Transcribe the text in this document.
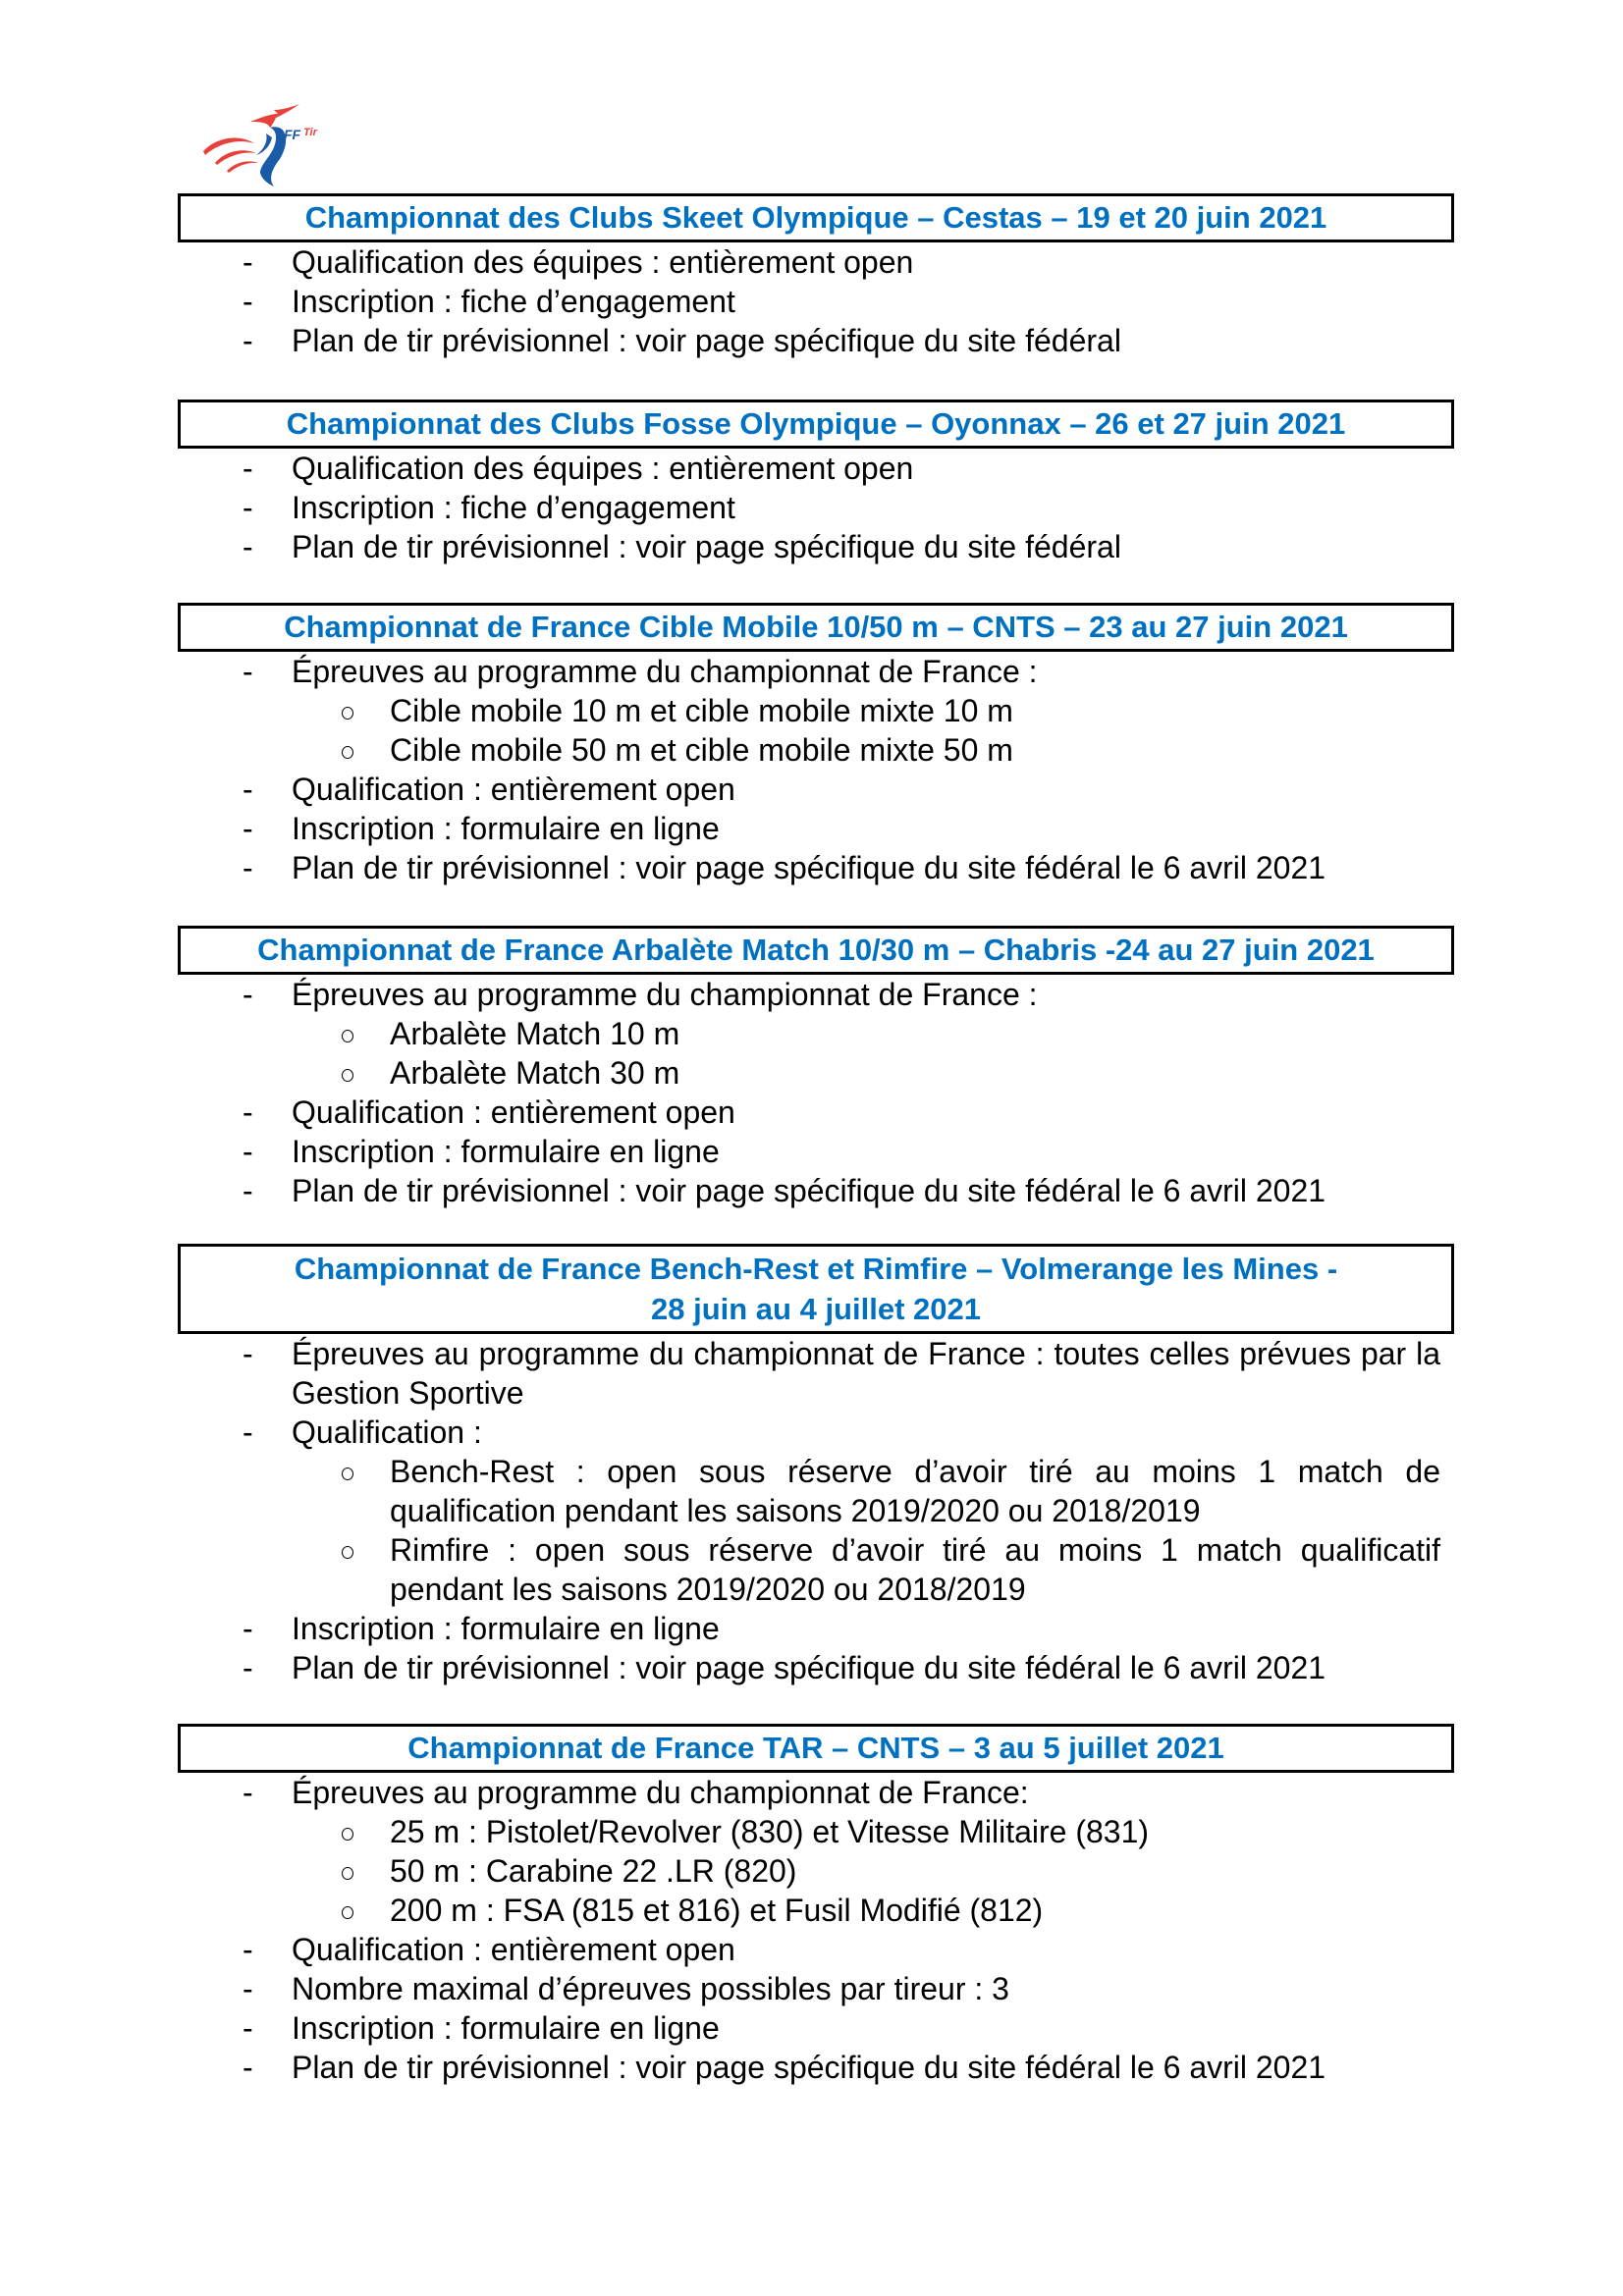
FF Tir
Championnat des Clubs Skeet Olympique – Cestas – 19 et 20 juin 2021
- Qualification des équipes : entièrement open
- Inscription : fiche d’engagement
- Plan de tir prévisionnel : voir page spécifique du site fédéral
Championnat des Clubs Fosse Olympique – Oyonnax – 26 et 27 juin 2021
- Qualification des équipes : entièrement open
- Inscription : fiche d’engagement
- Plan de tir prévisionnel : voir page spécifique du site fédéral
Championnat de France Cible Mobile 10/50 m – CNTS – 23 au 27 juin 2021
- Épreuves au programme du championnat de France :
Cible mobile 10 m et cible mobile mixte 10 m
Cible mobile 50 m et cible mobile mixte 50 m
- Qualification : entièrement open
- Inscription : formulaire en ligne
- Plan de tir prévisionnel : voir page spécifique du site fédéral le 6 avril 2021
Championnat de France Arbalète Match 10/30 m – Chabris -24 au 27 juin 2021
- Épreuves au programme du championnat de France :
Arbalète Match 10 m
Arbalète Match 30 m
- Qualification : entièrement open
- Inscription : formulaire en ligne
- Plan de tir prévisionnel : voir page spécifique du site fédéral le 6 avril 2021
Championnat de France Bench-Rest et Rimfire – Volmerange les Mines -
28 juin au 4 juillet 2021
- Épreuves au programme du championnat de France : toutes celles prévues par la Gestion Sportive
- Qualification :
Bench-Rest : open sous réserve d’avoir tiré au moins 1 match de qualification pendant les saisons 2019/2020 ou 2018/2019
Rimfire : open sous réserve d’avoir tiré au moins 1 match qualificatif pendant les saisons 2019/2020 ou 2018/2019
- Inscription : formulaire en ligne
- Plan de tir prévisionnel : voir page spécifique du site fédéral le 6 avril 2021
Championnat de France TAR – CNTS – 3 au 5 juillet 2021
- Épreuves au programme du championnat de France:
25 m : Pistolet/Revolver (830) et Vitesse Militaire (831)
50 m : Carabine 22 .LR (820)
200 m : FSA (815 et 816) et Fusil Modifié (812)
- Qualification : entièrement open
- Nombre maximal d’épreuves possibles par tireur : 3
- Inscription : formulaire en ligne
- Plan de tir prévisionnel : voir page spécifique du site fédéral le 6 avril 2021
